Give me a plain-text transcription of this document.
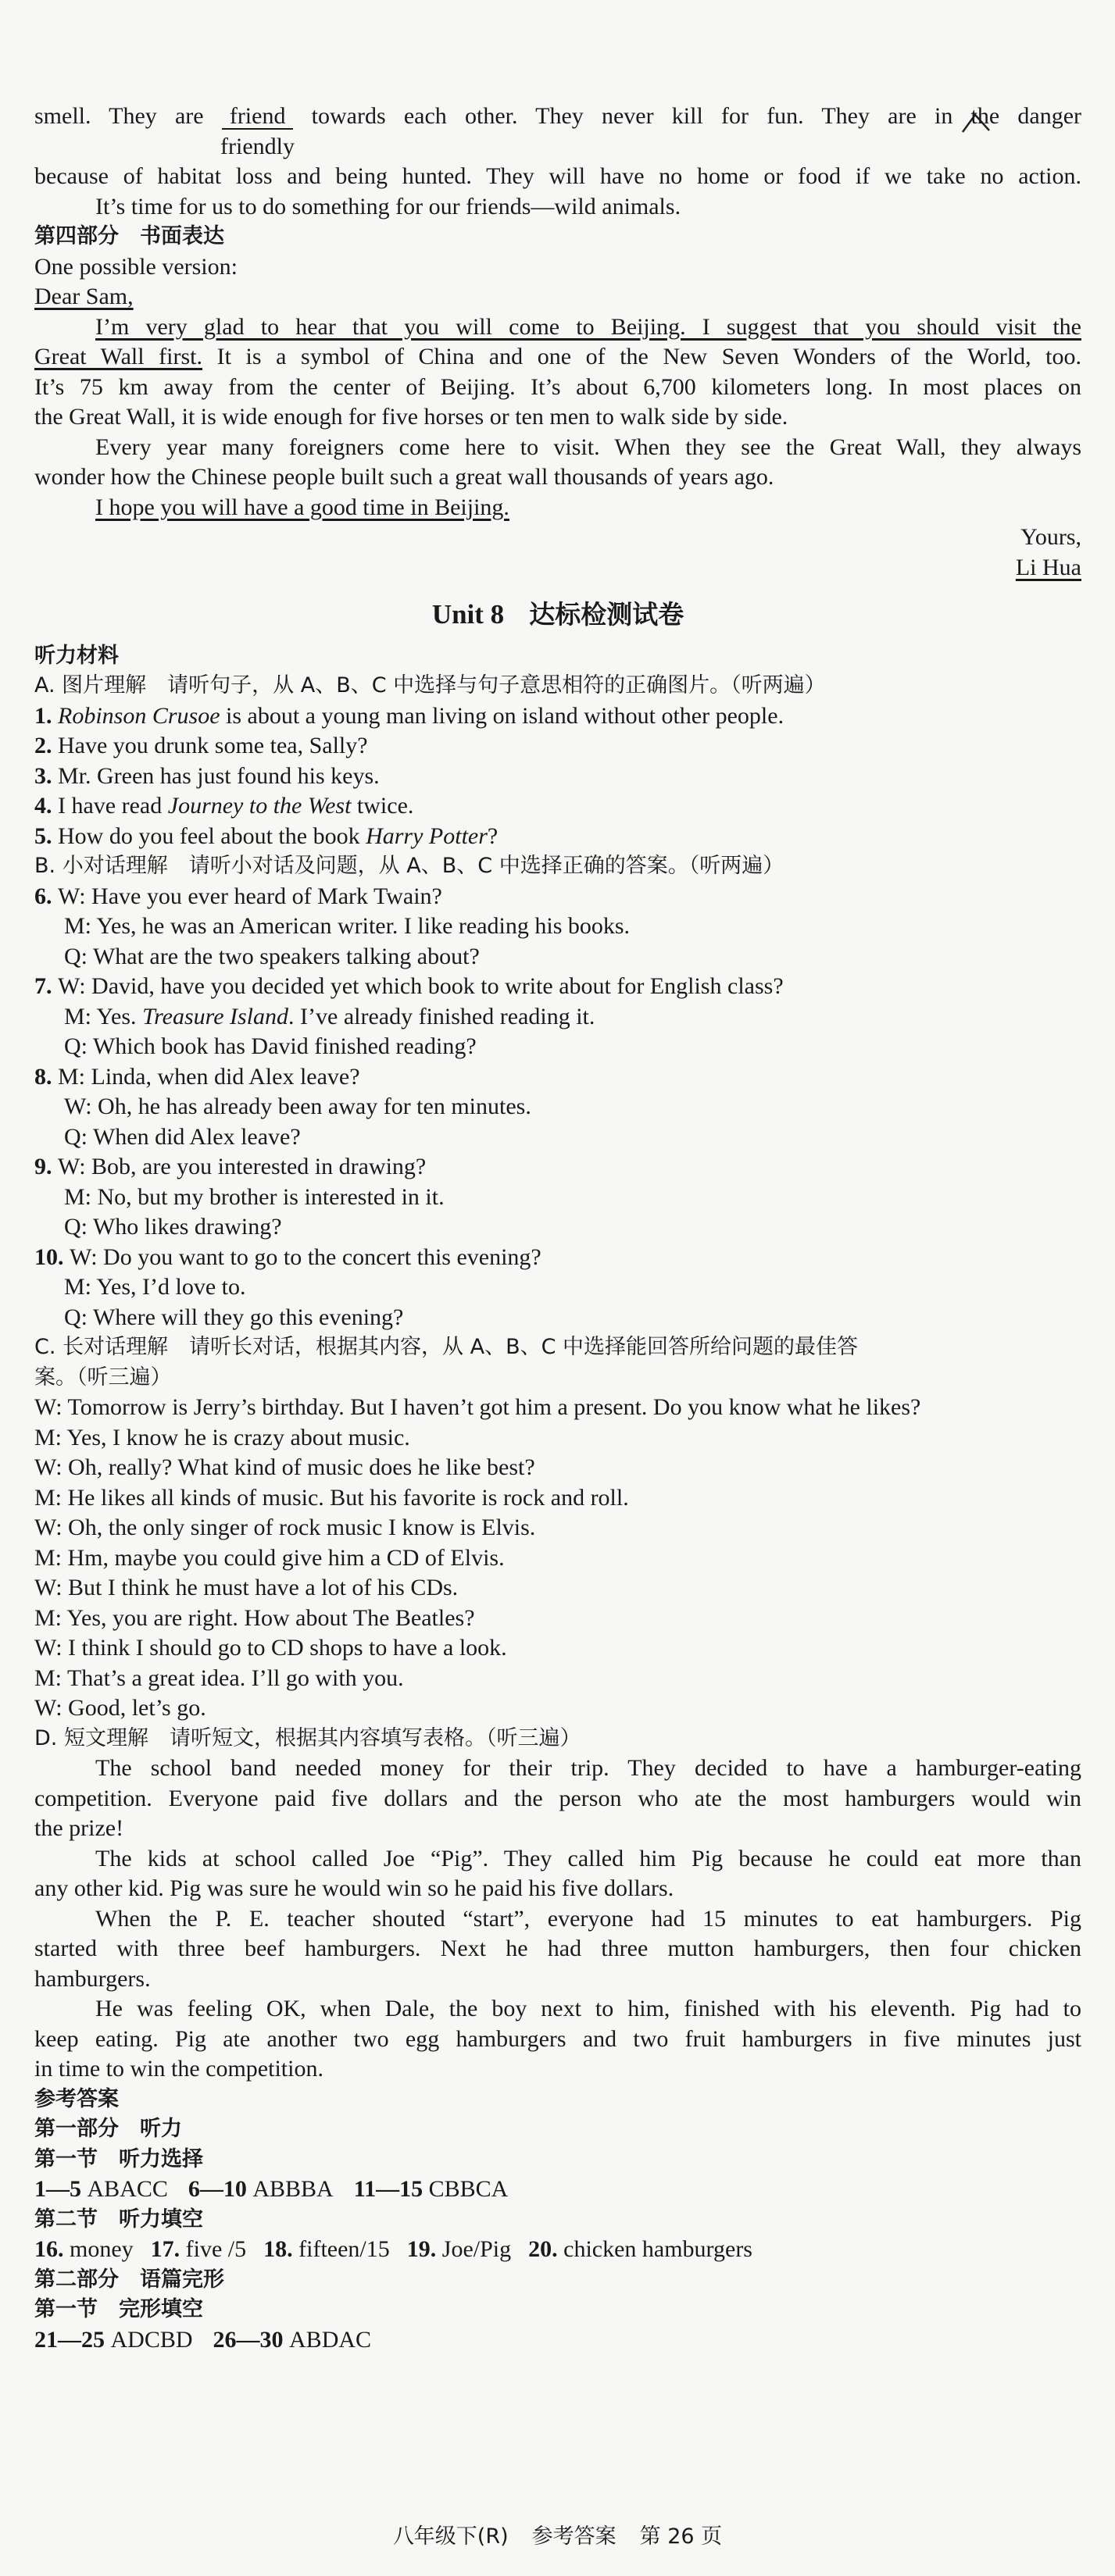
smell. They are friend towards each other. They never kill for fun. They are in the danger

friendly

because of habitat loss and being hunted. They will have no home or food if we take no action.

It’s time for us to do something for our friends—wild animals.

第四部分　书面表达

One possible version:

Dear Sam,

I’m very glad to hear that you will come to Beijing. I suggest that you should visit the

Great Wall first. It is a symbol of China and one of the New Seven Wonders of the World, too.

It’s 75 km away from the center of Beijing. It’s about 6,700 kilometers long. In most places on

the Great Wall, it is wide enough for five horses or ten men to walk side by side.

Every year many foreigners come here to visit. When they see the Great Wall, they always

wonder how the Chinese people built such a great wall thousands of years ago.

I hope you will have a good time in Beijing.

Yours,

Li Hua

Unit 8 达标检测试卷

听力材料

A. 图片理解　请听句子，从 A、B、C 中选择与句子意思相符的正确图片。（听两遍）

1. Robinson Crusoe is about a young man living on island without other people.

2. Have you drunk some tea, Sally?

3. Mr. Green has just found his keys.

4. I have read Journey to the West twice.

5. How do you feel about the book Harry Potter?

B. 小对话理解　请听小对话及问题，从 A、B、C 中选择正确的答案。（听两遍）

6. W: Have you ever heard of Mark Twain?

M: Yes, he was an American writer. I like reading his books.

Q: What are the two speakers talking about?

7. W: David, have you decided yet which book to write about for English class?

M: Yes. Treasure Island. I’ve already finished reading it.

Q: Which book has David finished reading?

8. M: Linda, when did Alex leave?

W: Oh, he has already been away for ten minutes.

Q: When did Alex leave?

9. W: Bob, are you interested in drawing?

M: No, but my brother is interested in it.

Q: Who likes drawing?

10. W: Do you want to go to the concert this evening?

M: Yes, I’d love to.

Q: Where will they go this evening?

C. 长对话理解　请听长对话，根据其内容，从 A、B、C 中选择能回答所给问题的最佳答

案。（听三遍）

W: Tomorrow is Jerry’s birthday. But I haven’t got him a present. Do you know what he likes?

M: Yes, I know he is crazy about music.

W: Oh, really? What kind of music does he like best?

M: He likes all kinds of music. But his favorite is rock and roll.

W: Oh, the only singer of rock music I know is Elvis.

M: Hm, maybe you could give him a CD of Elvis.

W: But I think he must have a lot of his CDs.

M: Yes, you are right. How about The Beatles?

W: I think I should go to CD shops to have a look.

M: That’s a great idea. I’ll go with you.

W: Good, let’s go.

D. 短文理解　请听短文，根据其内容填写表格。（听三遍）

The school band needed money for their trip. They decided to have a hamburger-eating

competition. Everyone paid five dollars and the person who ate the most hamburgers would win

the prize!

The kids at school called Joe “Pig”. They called him Pig because he could eat more than

any other kid. Pig was sure he would win so he paid his five dollars.

When the P. E. teacher shouted “start”, everyone had 15 minutes to eat hamburgers. Pig

started with three beef hamburgers. Next he had three mutton hamburgers, then four chicken

hamburgers.

He was feeling OK, when Dale, the boy next to him, finished with his eleventh. Pig had to

keep eating. Pig ate another two egg hamburgers and two fruit hamburgers in five minutes just

in time to win the competition.

参考答案

第一部分　听力

第一节　听力选择

1—5 ABACC 6—10 ABBBA 11—15 CBBCA

第二节　听力填空

16. money 17. five /5 18. fifteen/15 19. Joe/Pig 20. chicken hamburgers

第二部分　语篇完形

第一节　完形填空

21—25 ADCBD 26—30 ABDAC

八年级下(R) 参考答案 第 26 页
